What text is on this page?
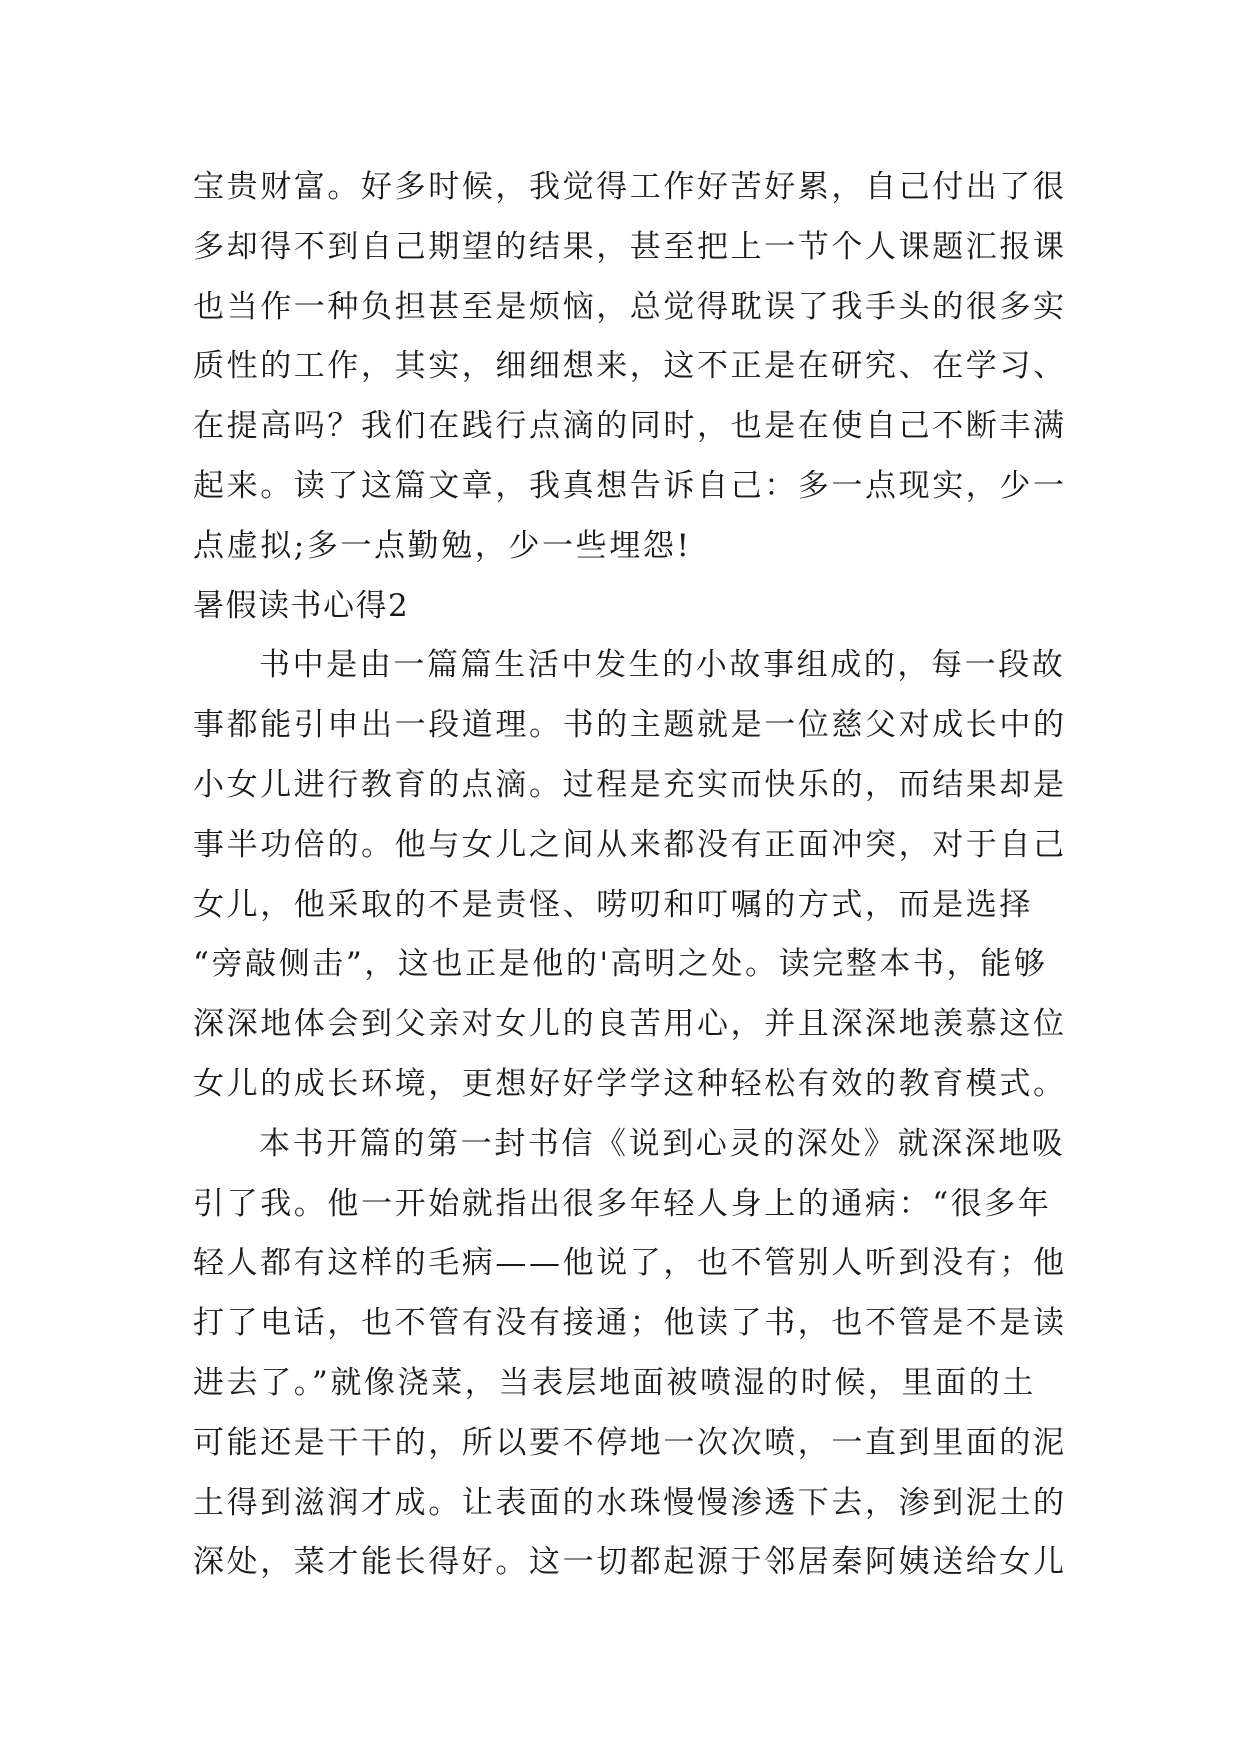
宝贵财富。好多时候，我觉得工作好苦好累，自己付出了很
多却得不到自己期望的结果，甚至把上一节个人课题汇报课
也当作一种负担甚至是烦恼，总觉得耽误了我手头的很多实
质性的工作，其实，细细想来，这不正是在研究、在学习、
在提高吗？我们在践行点滴的同时，也是在使自己不断丰满
起来。读了这篇文章，我真想告诉自己：多一点现实，少一
点虚拟;多一点勤勉，少一些埋怨!
暑假读书心得2
书中是由一篇篇生活中发生的小故事组成的，每一段故
事都能引申出一段道理。书的主题就是一位慈父对成长中的
小女儿进行教育的点滴。过程是充实而快乐的，而结果却是
事半功倍的。他与女儿之间从来都没有正面冲突，对于自己
女儿，他采取的不是责怪、唠叨和叮嘱的方式，而是选择
“旁敲侧击”，这也正是他的'高明之处。读完整本书，能够
深深地体会到父亲对女儿的良苦用心，并且深深地羡慕这位
女儿的成长环境，更想好好学学这种轻松有效的教育模式。
本书开篇的第一封书信《说到心灵的深处》就深深地吸
引了我。他一开始就指出很多年轻人身上的通病：“很多年
轻人都有这样的毛病——他说了，也不管别人听到没有；他
打了电话，也不管有没有接通；他读了书，也不管是不是读
进去了。”就像浇菜，当表层地面被喷湿的时候，里面的土
可能还是干干的，所以要不停地一次次喷，一直到里面的泥
土得到滋润才成。让表面的水珠慢慢渗透下去，渗到泥土的
深处，菜才能长得好。这一切都起源于邻居秦阿姨送给女儿
